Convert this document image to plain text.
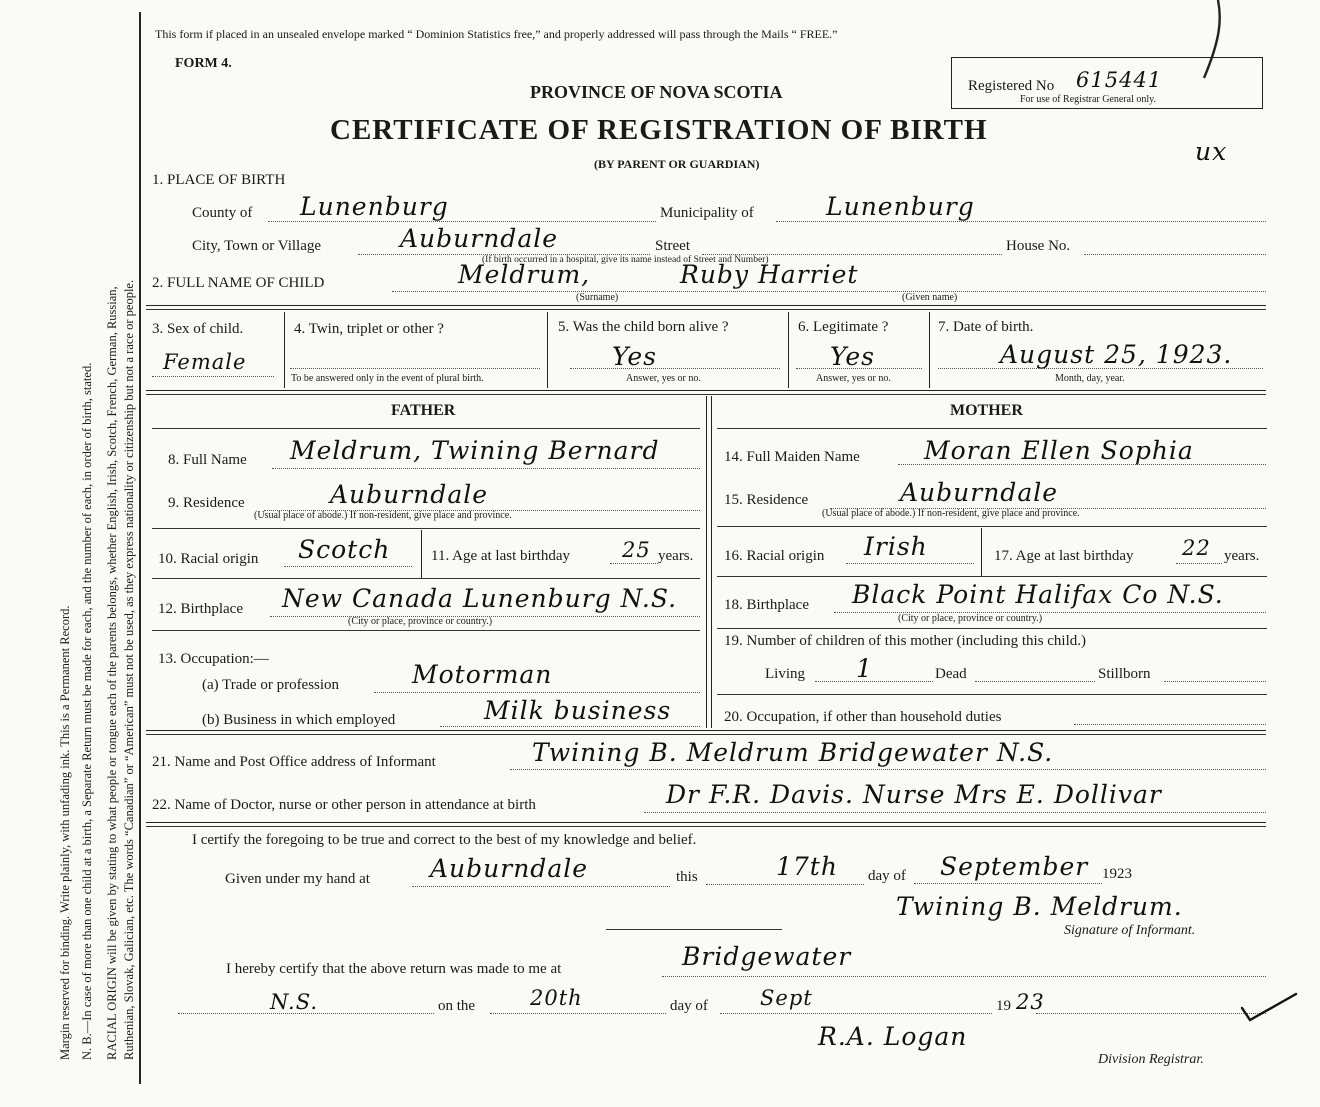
Margin reserved for binding. Write plainly, with unfading ink. This is a Permanent Record. N. B.—In case of more than one child at a birth, a Separate Return must be made for each, and the number of each, in order of birth, stated. RACIAL ORIGIN will be given by stating to what people or tongue each of the parents belongs, whether English, Irish, Scotch, French, German, Russian, Ruthenian, Slovak, Galician, etc. The words “Canadian” or “American” must not be used, as they express nationality or citizenship but not a race or people.
This form if placed in an unsealed envelope marked “ Dominion Statistics free,” and properly addressed will pass through the Mails “ FREE.”
FORM 4.
PROVINCE OF NOVA SCOTIA
CERTIFICATE OF REGISTRATION OF BIRTH
(BY PARENT OR GUARDIAN)
Registered No 615441
For use of Registrar General only.
ux
1. PLACE OF BIRTH
County of Lunenburg	Municipality of	Lunenburg
City, Town or Village	Auburndale	Street
(If birth occurred in a hospital, give its name instead of Street and Number)
House No.
2. FULL NAME OF CHILD	Meldrum,	Ruby Harriet
(Surname)	(Given name)
3. Sex of child.
Female
4. Twin, triplet or other ?
To be answered only in the event of plural birth.
5. Was the child born alive ?
Yes
Answer, yes or no.
6. Legitimate ?
Yes
Answer, yes or no.
7. Date of birth.
August 25, 1923.
Month, day, year.
FATHER	MOTHER
8. Full Name Meldrum, Twining Bernard
9. Residence	Auburndale
(Usual place of abode.) If non-resident, give place and province.
10. Racial origin Scotch	11. Age at last birthday 25 years.
12. Birthplace New Canada Lunenburg N.S.
(City or place, province or country.)
13. Occupation:—
(a) Trade or profession	Motorman
(b) Business in which employed	Milk business
14. Full Maiden Name	Moran Ellen Sophia
15. Residence	Auburndale
(Usual place of abode.) If non-resident, give place and province.
16. Racial origin Irish	17. Age at last birthday 22 years.
18. Birthplace Black Point Halifax Co N.S.
(City or place, province or country.)
19. Number of children of this mother (including this child.)
Living 1	Dead	Stillborn
20. Occupation, if other than household duties
21. Name and Post Office address of Informant	Twining B. Meldrum Bridgewater N.S.
22. Name of Doctor, nurse or other person in attendance at birth	Dr F.R. Davis. Nurse Mrs E. Dollivar
I certify the foregoing to be true and correct to the best of my knowledge and belief.
Given under my hand at Auburndale	this	17th day of September 1923
Twining B. Meldrum.
Signature of Informant.
I hereby certify that the above return was made to me at	Bridgewater
N.S.	on the	20th	day of Sept	19 23
R.A. Logan
Division Registrar.
